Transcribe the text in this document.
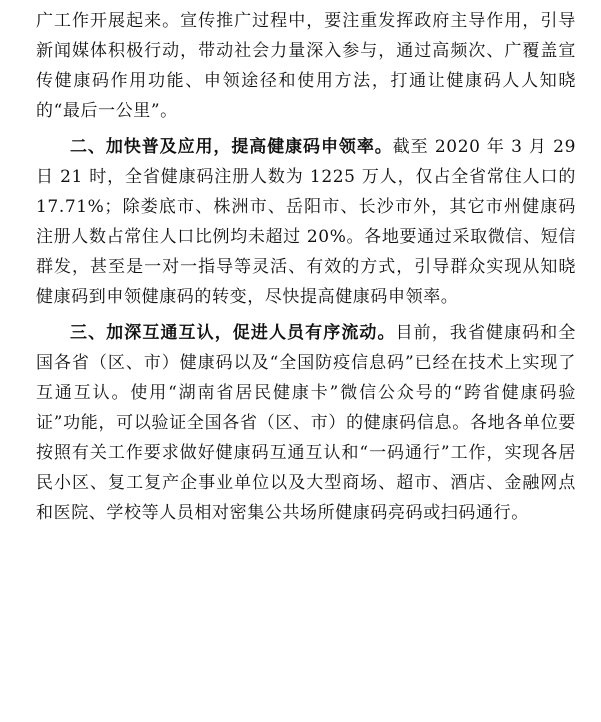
广工作开展起来。宣传推广过程中，要注重发挥政府主导作用，引导新闻媒体积极行动，带动社会力量深入参与，通过高频次、广覆盖宣传健康码作用功能、申领途径和使用方法，打通让健康码人人知晓的“最后一公里”。

二、加快普及应用，提高健康码申领率。截至 2020 年 3 月 29 日 21 时，全省健康码注册人数为 1225 万人，仅占全省常住人口的 17.71%；除娄底市、株洲市、岳阳市、长沙市外，其它市州健康码注册人数占常住人口比例均未超过 20%。各地要通过采取微信、短信群发，甚至是一对一指导等灵活、有效的方式，引导群众实现从知晓健康码到申领健康码的转变，尽快提高健康码申领率。

三、加深互通互认，促进人员有序流动。目前，我省健康码和全国各省（区、市）健康码以及“全国防疫信息码”已经在技术上实现了互通互认。使用“湖南省居民健康卡”微信公众号的“跨省健康码验证”功能，可以验证全国各省（区、市）的健康码信息。各地各单位要按照有关工作要求做好健康码互通互认和“一码通行”工作，实现各居民小区、复工复产企事业单位以及大型商场、超市、酒店、金融网点和医院、学校等人员相对密集公共场所健康码亮码或扫码通行。
